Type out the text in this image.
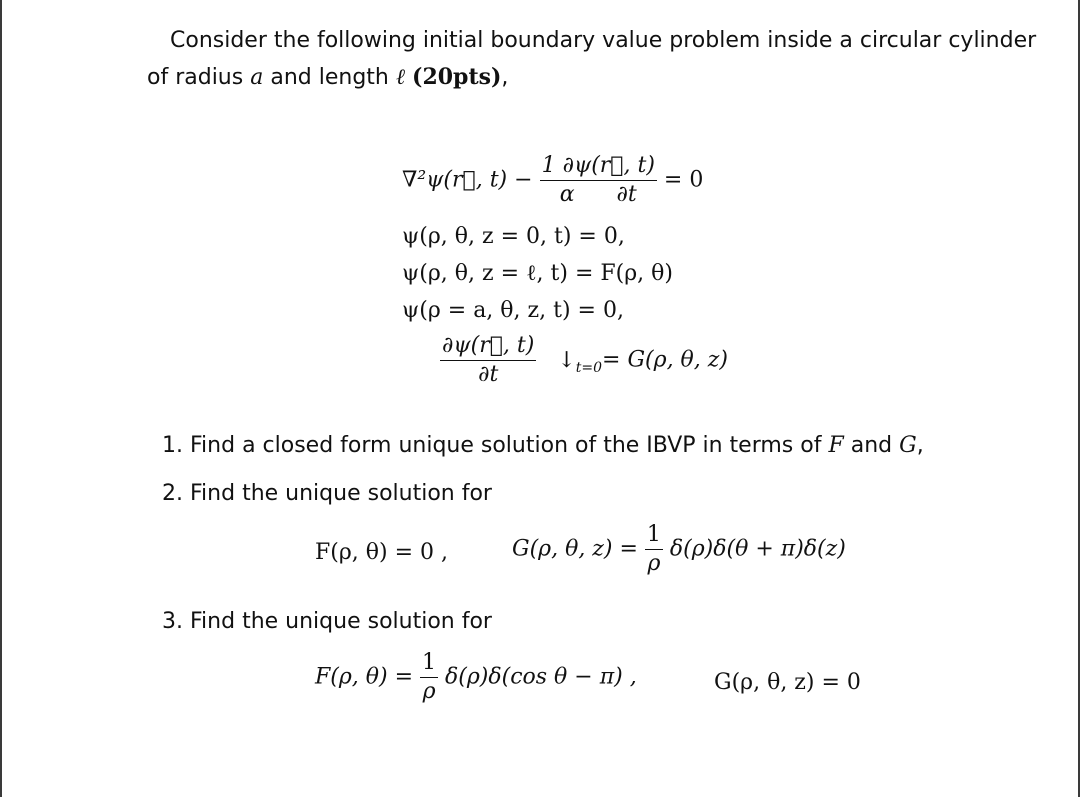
Consider the following initial boundary value problem inside a circular cylinder
of radius a and length ℓ (20pts),
∇²ψ(r⃗, $t) - \frac{1 \partial\psi(r⃗, t)}{\alpha \partial t} = 0$
ψ(ρ, θ, z = 0, t) = 0,
ψ(ρ, θ, z = ℓ, t) = F(ρ, θ)
ψ(ρ = a, θ, z, t) = 0,
$\frac{\partial\psi(r⃗, t)}{\partial t}$ $↓_{t=0}= G(\rho$, θ, z)
1. Find a closed form unique solution of the IBVP in terms of F and G,
2. Find the unique solution for
F(ρ, θ) = 0 ,	G(ρ, θ, $z) = \frac{1}{\rho} \delta(\rho)\delta(\theta + \pi)\delta(z)$
3. Find the unique solution for
F(ρ, $\theta) = \frac{1}{\rho} \delta(\rho)\delta(\cos$ θ − π) ,	G(ρ, θ, z) = 0
